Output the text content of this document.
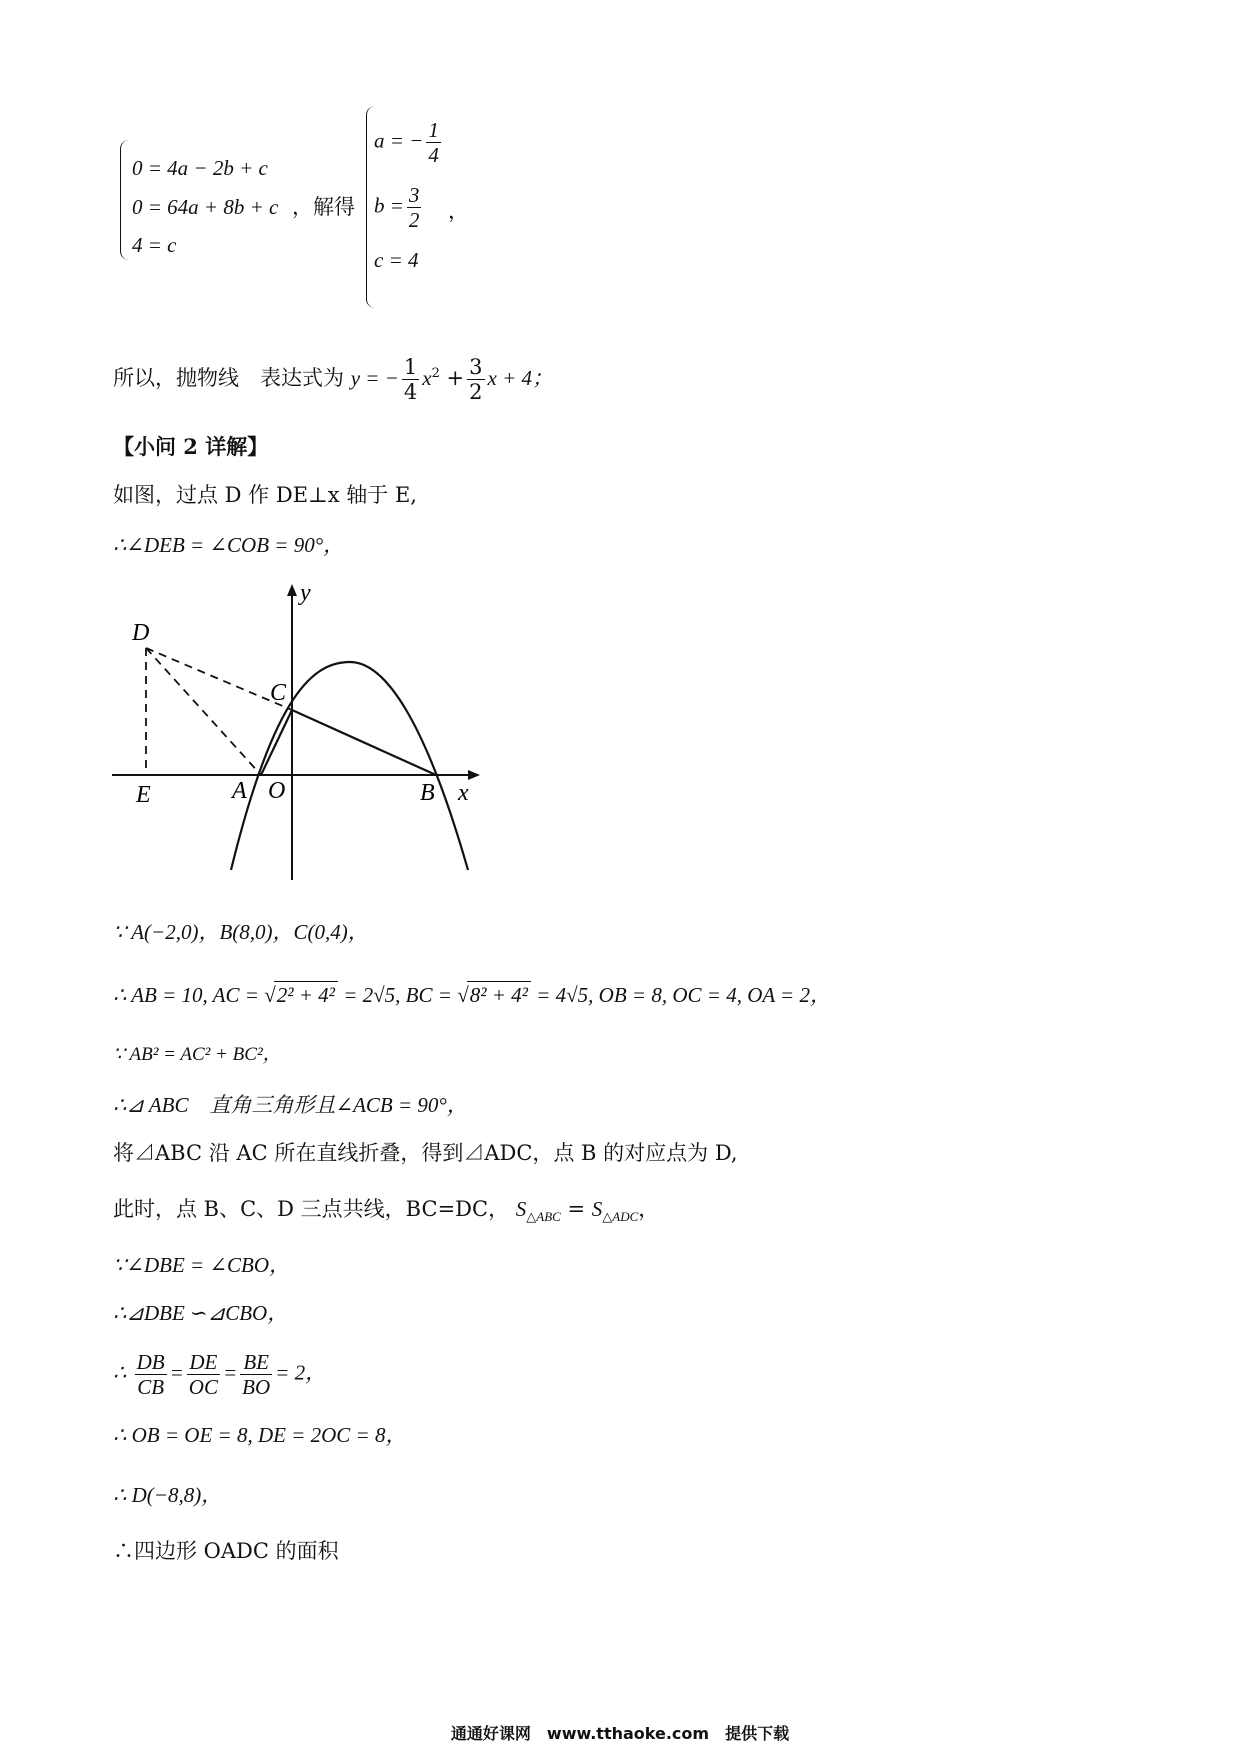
0 = 4a − 2b + c
0 = 64a + 8b + c
4 = c
，解得
a = − $\frac{1}{4}$
$b = \frac{3}{2}$
c = 4
，
所以，抛物线　表达式为 y = − $\frac{1}{4} x^2 + \frac{3}{2}$ x + 4；
【小问 2 详解】
如图，过点 D 作 DE⊥x 轴于 E,
∴∠DEB = ∠COB = 90°，
y
x
D
C
E	A O	B
∵ A(−2,0)，B(8,0)，C(0,4)，
∴ AB = 10, AC = √2² + 4² = 2√5, BC = √8² + 4² = 4√5, OB = 8, OC = 4, OA = 2，
∵ AB² = AC² + BC²，
∴⊿ ABC　直角三角形且∠ACB = 90°，
将⊿ABC 沿 AC 所在直线折叠，得到⊿ADC，点 B 的对应点为 D,
此时，点 B、C、D 三点共线，BC=DC， $S_{\triangle ABC} = S_{\triangle ADC}$，
∵∠DBE = ∠CBO，
∴⊿DBE ∽⊿CBO，
∴ $\frac{DB}{CB} = \frac{DE}{OC} = \frac{BE}{BO} = 2$，
∴ OB = OE = 8, DE = 2OC = 8，
∴ D(−8,8)，
∴四边形 OADC 的面积
通通好课网　www.tthaoke.com　提供下载
